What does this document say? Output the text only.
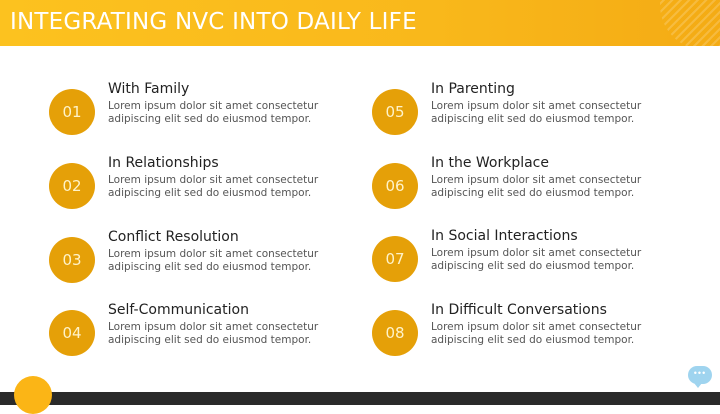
INTEGRATING NVC INTO DAILY LIFE
01
With Family
Lorem ipsum dolor sit amet consectetur
adipiscing elit sed do eiusmod tempor.
02
In Relationships
Lorem ipsum dolor sit amet consectetur
adipiscing elit sed do eiusmod tempor.
03
Conflict Resolution
Lorem ipsum dolor sit amet consectetur
adipiscing elit sed do eiusmod tempor.
04
Self-Communication
Lorem ipsum dolor sit amet consectetur
adipiscing elit sed do eiusmod tempor.
05
In Parenting
Lorem ipsum dolor sit amet consectetur
adipiscing elit sed do eiusmod tempor.
06
In the Workplace
Lorem ipsum dolor sit amet consectetur
adipiscing elit sed do eiusmod tempor.
07
In Social Interactions
Lorem ipsum dolor sit amet consectetur
adipiscing elit sed do eiusmod tempor.
08
In Difficult Conversations
Lorem ipsum dolor sit amet consectetur
adipiscing elit sed do eiusmod tempor.
•••
